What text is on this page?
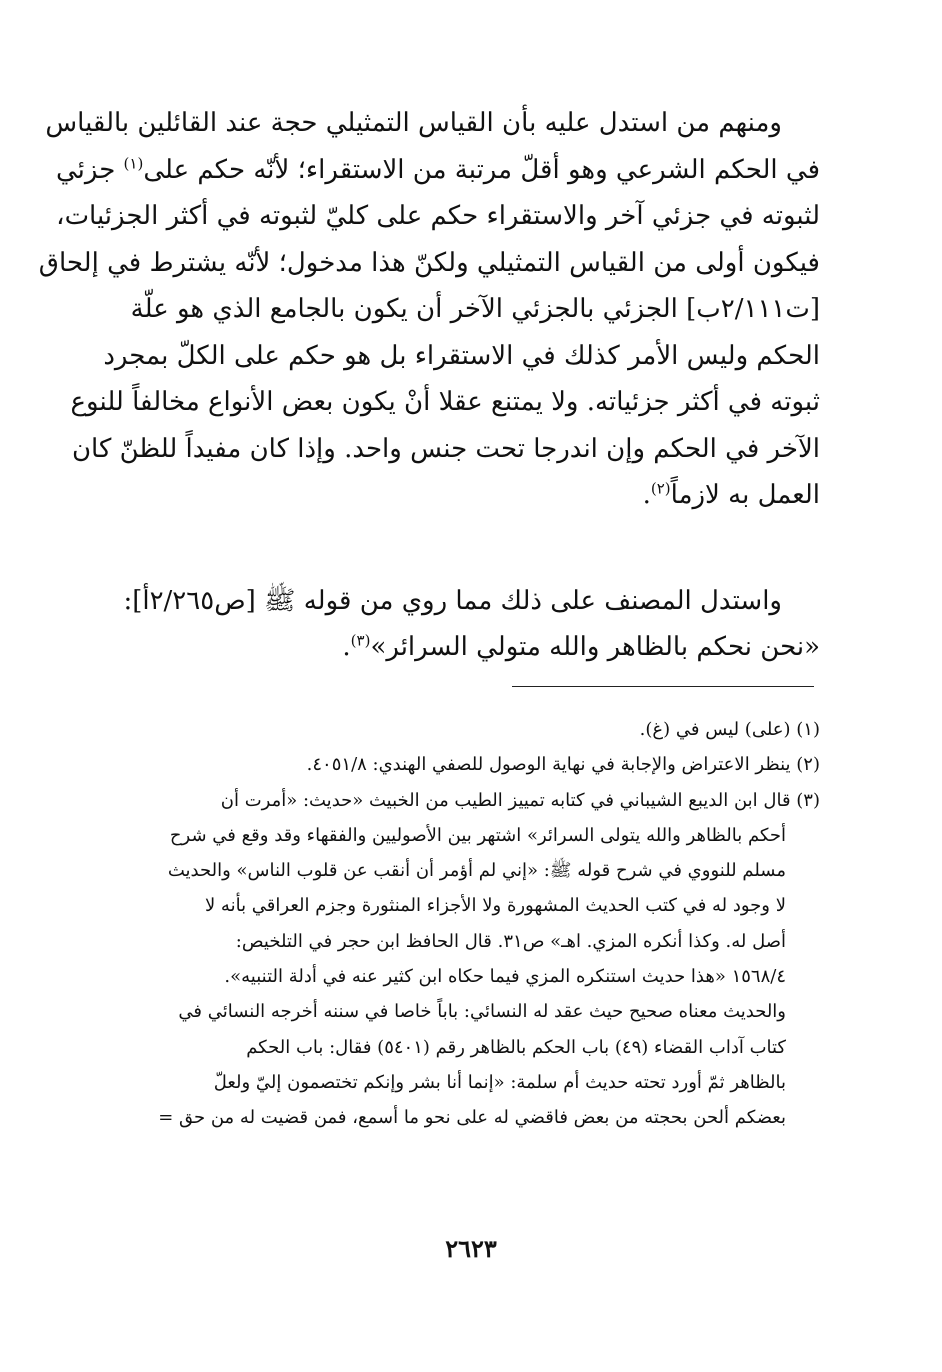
ومنهم من استدل عليه بأن القياس التمثيلي حجة عند القائلين بالقياس
في الحكم الشرعي وهو أقلّ مرتبة من الاستقراء؛ لأنّه حكم على$^{(١)}$ جزئي
لثبوته في جزئي آخر والاستقراء حكم على كليّ لثبوته في أكثر الجزئيات،
فيكون أولى من القياس التمثيلي ولكنّ هذا مدخول؛ لأنّه يشترط في إلحاق
[ت٢/١١١ب] الجزئي بالجزئي الآخر أن يكون بالجامع الذي هو علّة
الحكم وليس الأمر كذلك في الاستقراء بل هو حكم على الكلّ بمجرد
ثبوته في أكثر جزئياته. ولا يمتنع عقلا أنْ يكون بعض الأنواع مخالفاً للنوع
الآخر في الحكم وإن اندرجا تحت جنس واحد. وإذا كان مفيداً للظنّ كان
العمل به لازماً$^{(٢)}$.
واستدل المصنف على ذلك مما روي من قوله ﷺ [ص٢/٢٦٥أ]:
«نحن نحكم بالظاهر والله متولي السرائر»$^{(٣)}$.
(١) (على) ليس في (غ).
(٢) ينظر الاعتراض والإجابة في نهاية الوصول للصفي الهندي: ٤٠٥١/٨.
(٣) قال ابن الديبع الشيباني في كتابه تمييز الطيب من الخبيث «حديث: «أمرت أن
أحكم بالظاهر والله يتولى السرائر» اشتهر بين الأصوليين والفقهاء وقد وقع في شرح
مسلم للنووي في شرح قوله ﷺ: «إني لم أؤمر أن أنقب عن قلوب الناس» والحديث
لا وجود له في كتب الحديث المشهورة ولا الأجزاء المنثورة وجزم العراقي بأنه لا
أصل له. وكذا أنكره المزي. اهـ» ص٣١. قال الحافظ ابن حجر في التلخيص:
١٥٦٨/٤ «هذا حديث استنكره المزي فيما حكاه ابن كثير عنه في أدلة التنبيه».
والحديث معناه صحيح حيث عقد له النسائي: باباً خاصا في سننه أخرجه النسائي في
كتاب آداب القضاء (٤٩) باب الحكم بالظاهر رقم (٥٤٠١) فقال: باب الحكم
بالظاهر ثمّ أورد تحته حديث أم سلمة: «إنما أنا بشر وإنكم تختصمون إليّ ولعلّ
بعضكم ألحن بحجته من بعض فاقضي له على نحو ما أسمع، فمن قضيت له من حق =
٢٦٢٣
